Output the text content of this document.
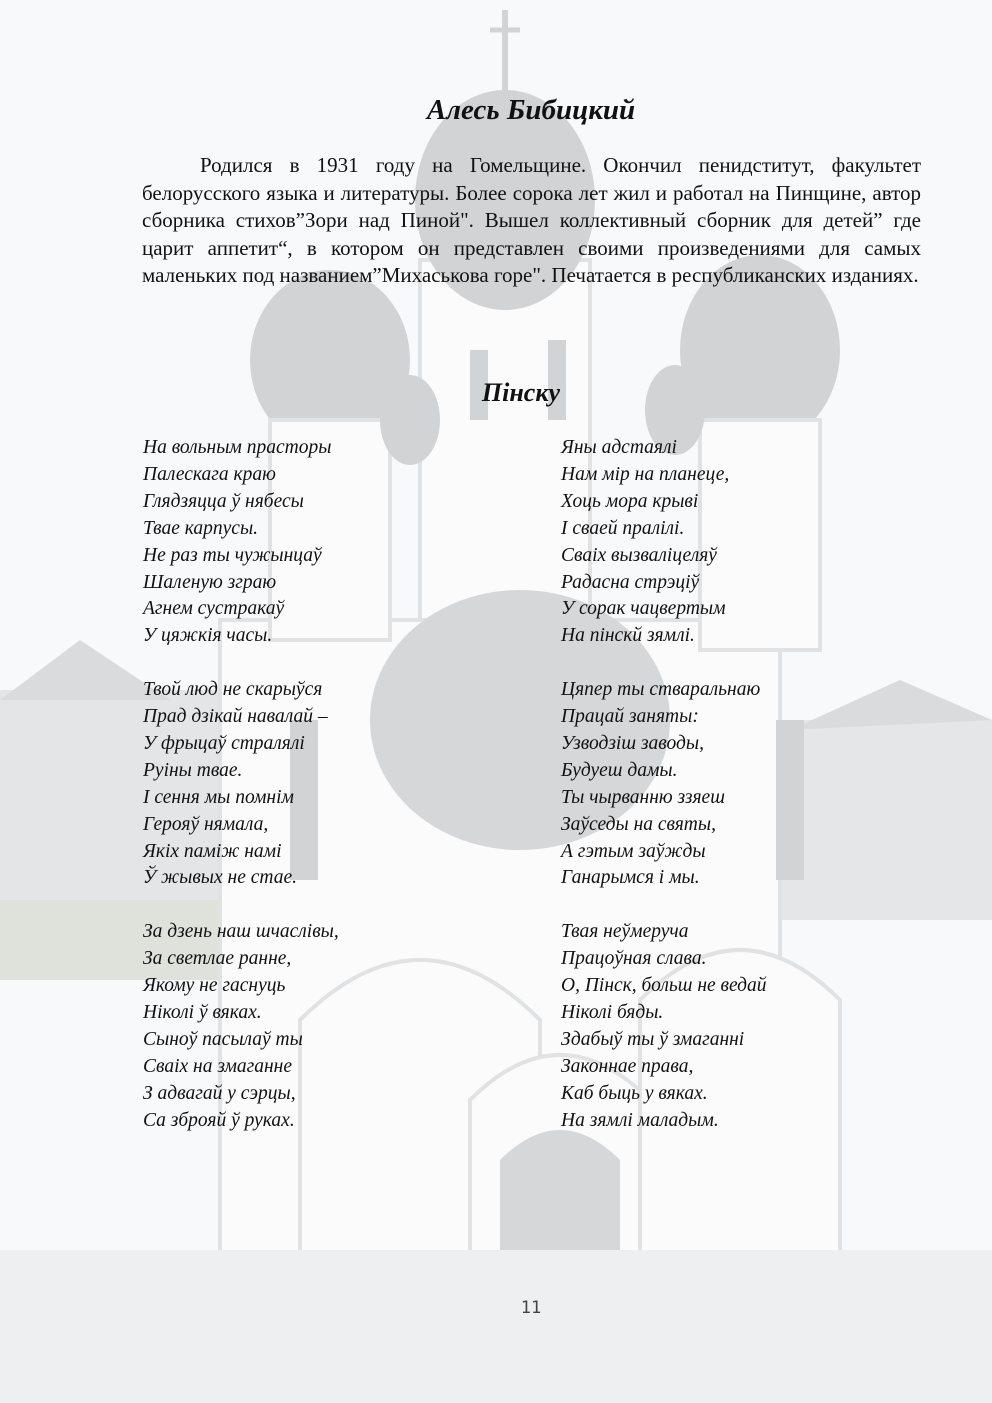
Алесь Бибицкий

Родился в 1931 году на Гомельщине. Окончил пенидститут, факультет белорусского языка и литературы. Более сорока лет жил и работал на Пинщине, автор сборника стихов”Зори над Пиной". Вышел коллективный сборник для детей” где царит аппетит“, в котором он представлен своими произведениями для самых маленьких под названием”Михаськова горе". Печатается в республиканских изданиях.

Пінску
На вольным прасторы
Палескага краю
Глядзяцца ў нябесы
Тваe карпусы.
Не раз ты чужынцаў
Шаленую зграю
Агнем сустракаў
У цяжкія часы.
Твой люд не скарыўся
Прад дзікай навалай –
У фрыцаў стралялі
Руіны твае.
І сення мы помнім
Герояў нямала,
Якіх паміж намі
Ў жывых не стае.
За дзень наш шчаслівы,
За светлае ранне,
Якому не гаснуць
Ніколі ў вяках.
Сыноў пасылаў ты
Сваіх на змаганне
З адвагай у сэрцы,
Са зброяй ў руках.
Яны адстаялі
Нам мір на планеце,
Хоць мора крыві
І сваей пралілі.
Сваіх вызваліцеляў
Радасна стрэціў
У сорак чацвертым
На пінскй зямлі.
Цяпер ты стваральнаю
Працай заняты:
Узводзіш заводы,
Будуеш дамы.
Ты чырванню ззяеш
Заўседы на святы,
А гэтым заўжды
Ганарымся і мы.
Твая неўмеруча
Працоўная слава.
О, Пінск, больш не ведай
Ніколі бяды.
Здабыў ты ў змаганні
Законнае права,
Каб быць у вяках.
На зямлі маладым.
11
